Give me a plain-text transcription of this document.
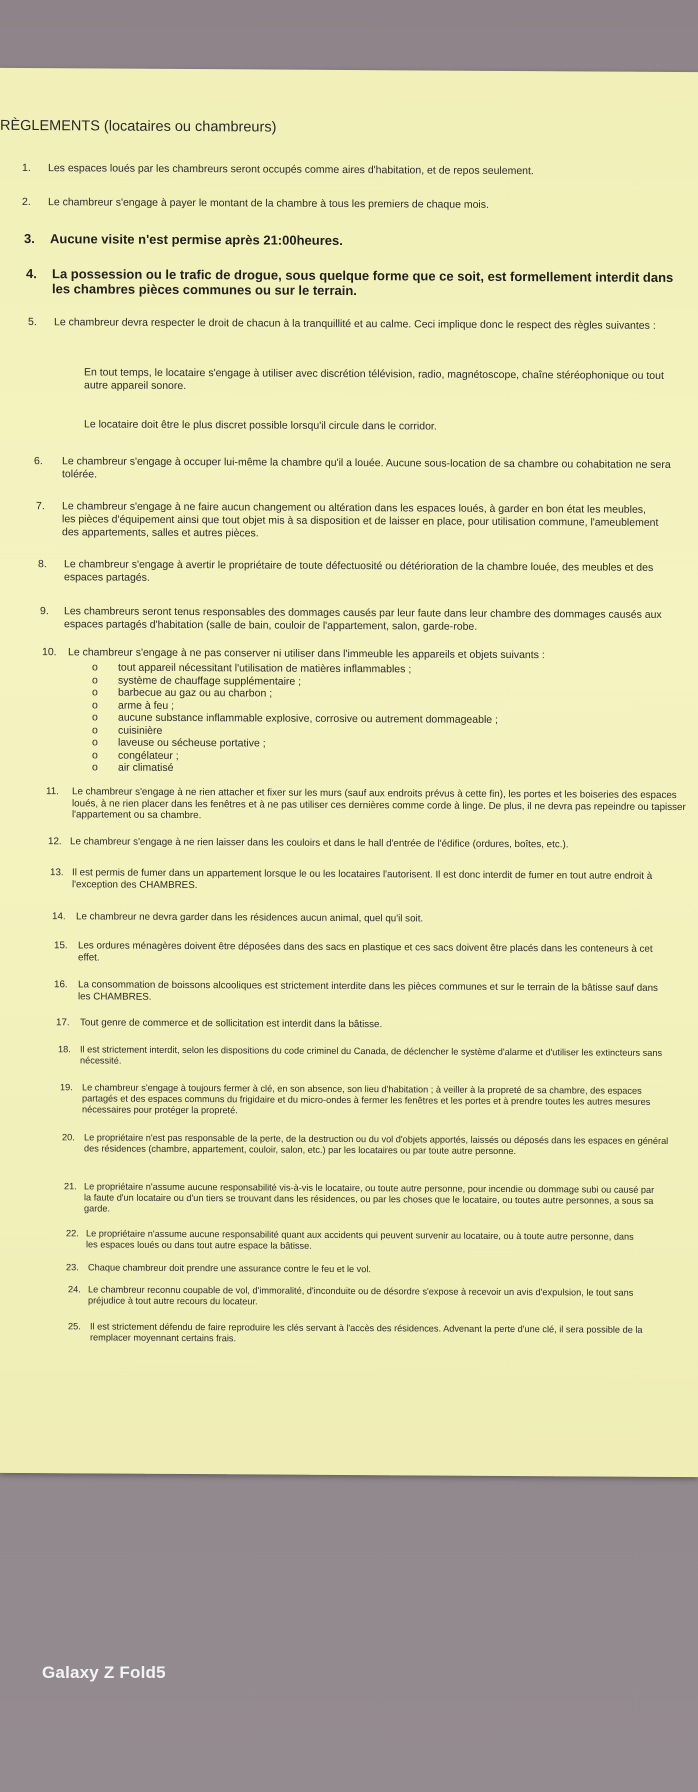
RÈGLEMENTS (locataires ou chambreurs)
1. Les espaces loués par les chambreurs seront occupés comme aires d'habitation, et de repos seulement.
2. Le chambreur s'engage à payer le montant de la chambre à tous les premiers de chaque mois.
3. Aucune visite n'est permise après 21:00heures.
4. La possession ou le trafic de drogue, sous quelque forme que ce soit, est formellement interdit dans les chambres pièces communes ou sur le terrain.
5. Le chambreur devra respecter le droit de chacun à la tranquillité et au calme. Ceci implique donc le respect des règles suivantes :
En tout temps, le locataire s'engage à utiliser avec discrétion télévision, radio, magnétoscope, chaîne stéréophonique ou tout autre appareil sonore.
Le locataire doit être le plus discret possible lorsqu'il circule dans le corridor.
6. Le chambreur s'engage à occuper lui-même la chambre qu'il a louée. Aucune sous-location de sa chambre ou cohabitation ne sera tolérée.
7. Le chambreur s'engage à ne faire aucun changement ou altération dans les espaces loués, à garder en bon état les meubles, les pièces d'équipement ainsi que tout objet mis à sa disposition et de laisser en place, pour utilisation commune, l'ameublement des appartements, salles et autres pièces.
8. Le chambreur s'engage à avertir le propriétaire de toute défectuosité ou détérioration de la chambre louée, des meubles et des espaces partagés.
9. Les chambreurs seront tenus responsables des dommages causés par leur faute dans leur chambre des dommages causés aux espaces partagés d'habitation (salle de bain, couloir de l'appartement, salon, garde-robe.
10. Le chambreur s'engage à ne pas conserver ni utiliser dans l'immeuble les appareils et objets suivants :
o tout appareil nécessitant l'utilisation de matières inflammables ;
o système de chauffage supplémentaire ;
o barbecue au gaz ou au charbon ;
o arme à feu ;
o aucune substance inflammable explosive, corrosive ou autrement dommageable ;
o cuisinière
o laveuse ou sécheuse portative ;
o congélateur ;
o air climatisé
11. Le chambreur s'engage à ne rien attacher et fixer sur les murs (sauf aux endroits prévus à cette fin), les portes et les boiseries des espaces loués, à ne rien placer dans les fenêtres et à ne pas utiliser ces dernières comme corde à linge. De plus, il ne devra pas repeindre ou tapisser l'appartement ou sa chambre.
12. Le chambreur s'engage à ne rien laisser dans les couloirs et dans le hall d'entrée de l'édifice (ordures, boîtes, etc.).
13. Il est permis de fumer dans un appartement lorsque le ou les locataires l'autorisent. Il est donc interdit de fumer en tout autre endroit à l'exception des CHAMBRES.
14. Le chambreur ne devra garder dans les résidences aucun animal, quel qu'il soit.
15. Les ordures ménagères doivent être déposées dans des sacs en plastique et ces sacs doivent être placés dans les conteneurs à cet effet.
16. La consommation de boissons alcooliques est strictement interdite dans les pièces communes et sur le terrain de la bâtisse sauf dans les CHAMBRES.
17. Tout genre de commerce et de sollicitation est interdit dans la bâtisse.
18. Il est strictement interdit, selon les dispositions du code criminel du Canada, de déclencher le système d'alarme et d'utiliser les extincteurs sans nécessité.
19. Le chambreur s'engage à toujours fermer à clé, en son absence, son lieu d'habitation ; à veiller à la propreté de sa chambre, des espaces partagés et des espaces communs du frigidaire et du micro-ondes à fermer les fenêtres et les portes et à prendre toutes les autres mesures nécessaires pour protéger la propreté.
20. Le propriétaire n'est pas responsable de la perte, de la destruction ou du vol d'objets apportés, laissés ou déposés dans les espaces en général des résidences (chambre, appartement, couloir, salon, etc.) par les locataires ou par toute autre personne.
21. Le propriétaire n'assume aucune responsabilité vis-à-vis le locataire, ou toute autre personne, pour incendie ou dommage subi ou causé par la faute d'un locataire ou d'un tiers se trouvant dans les résidences, ou par les choses que le locataire, ou toutes autre personnes, a sous sa garde.
22. Le propriétaire n'assume aucune responsabilité quant aux accidents qui peuvent survenir au locataire, ou à toute autre personne, dans les espaces loués ou dans tout autre espace la bâtisse.
23. Chaque chambreur doit prendre une assurance contre le feu et le vol.
24. Le chambreur reconnu coupable de vol, d'immoralité, d'inconduite ou de désordre s'expose à recevoir un avis d'expulsion, le tout sans préjudice à tout autre recours du locateur.
25. Il est strictement défendu de faire reproduire les clés servant à l'accès des résidences. Advenant la perte d'une clé, il sera possible de la remplacer moyennant certains frais.
Galaxy Z Fold5
